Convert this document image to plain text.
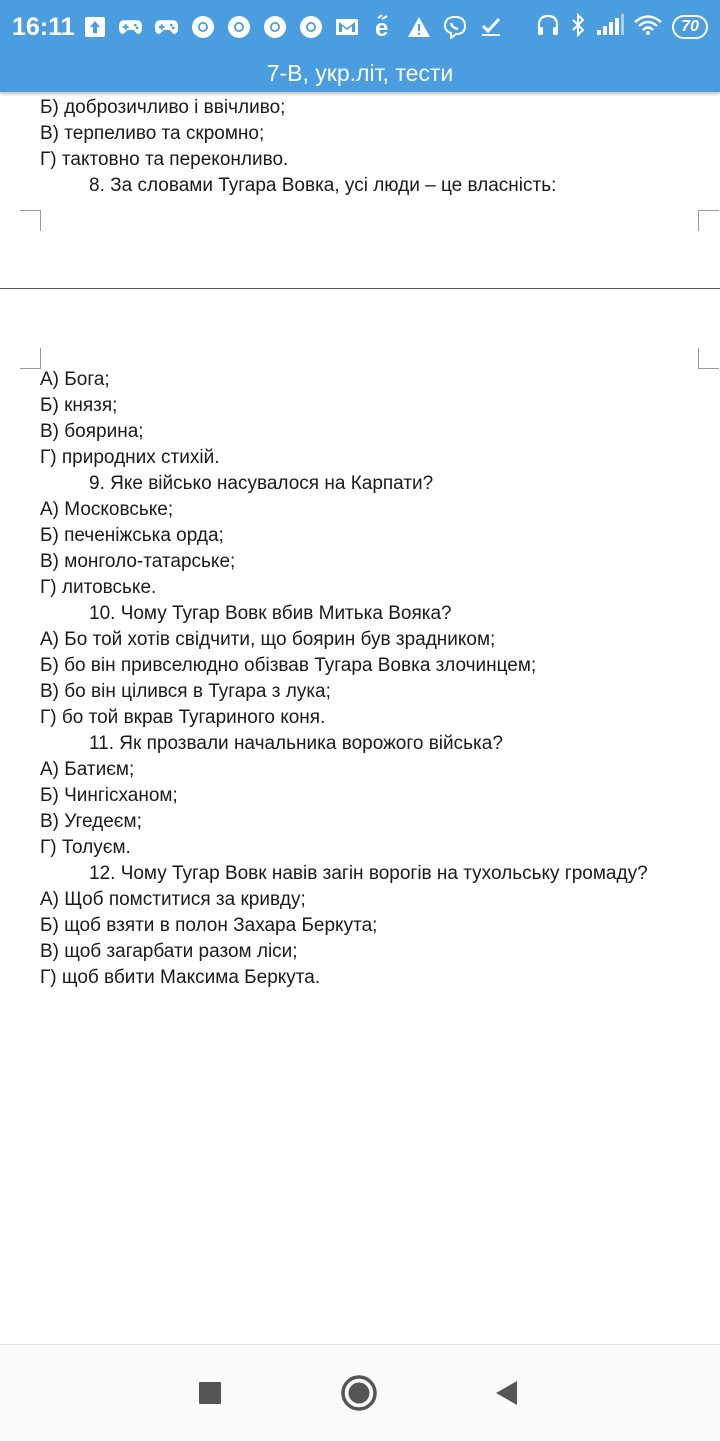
16:11	e	70
7-В, укр.літ, тести
Б) доброзичливо і ввічливо;
В) терпеливо та скромно;
Г) тактовно та переконливо.
8. За словами Тугара Вовка, усі люди – це власність:
А) Бога;
Б) князя;
В) боярина;
Г) природних стихій.
9. Яке військо насувалося на Карпати?
А) Московське;
Б) печеніжська орда;
В) монголо-татарське;
Г) литовське.
10. Чому Тугар Вовк вбив Митька Вояка?
А) Бо той хотів свідчити, що боярин був зрадником;
Б) бо він привселюдно обізвав Тугара Вовка злочинцем;
В) бо він цілився в Тугара з лука;
Г) бо той вкрав Тугариного коня.
11. Як прозвали начальника ворожого війська?
А) Батиєм;
Б) Чингісханом;
В) Угедеєм;
Г) Толуєм.
12. Чому Тугар Вовк навів загін ворогів на тухольську громаду?
А) Щоб помститися за кривду;
Б) щоб взяти в полон Захара Беркута;
В) щоб загарбати разом ліси;
Г) щоб вбити Максима Беркута.
